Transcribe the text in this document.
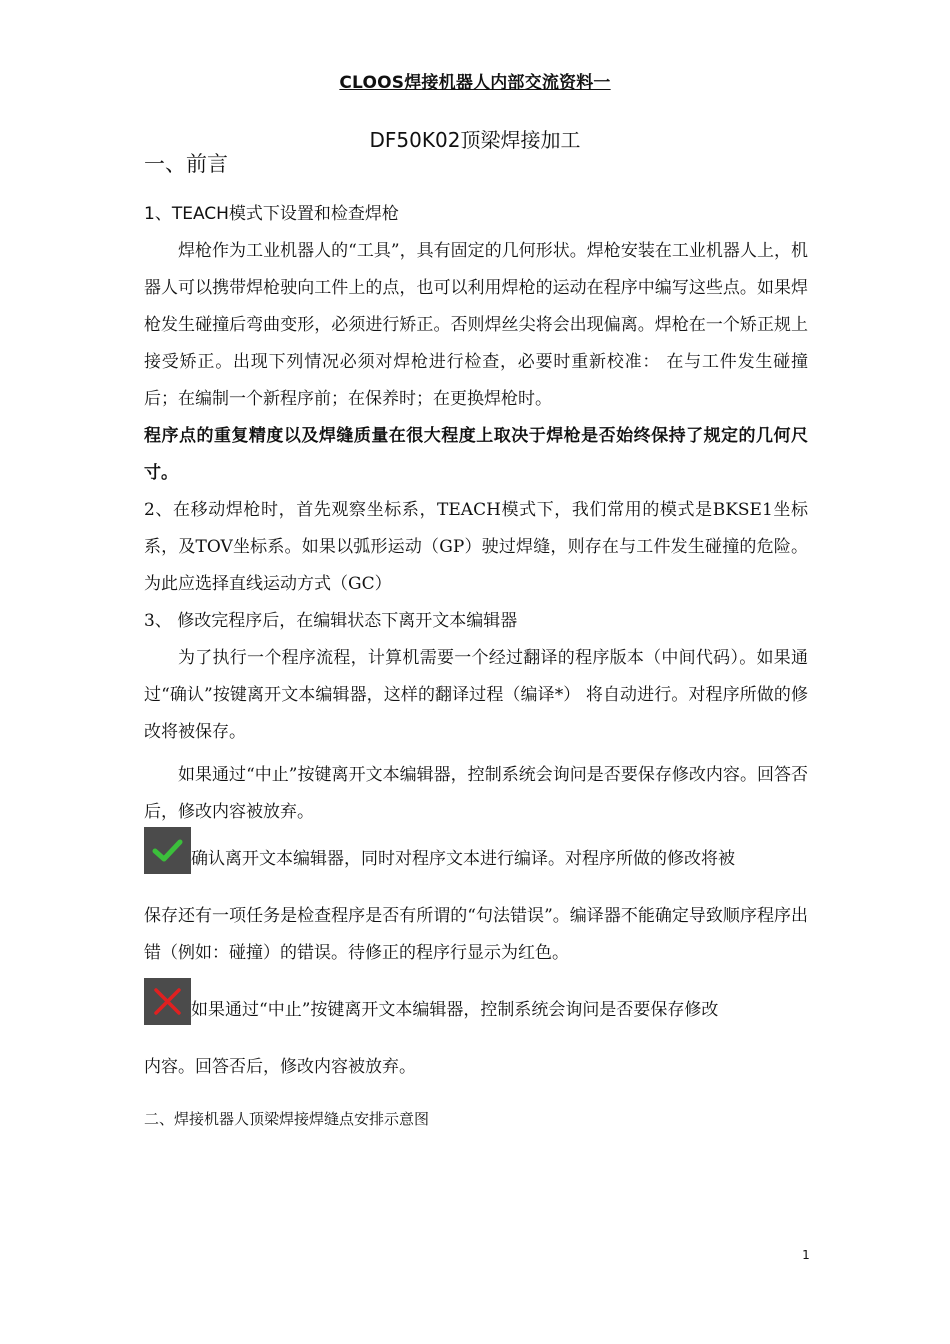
CLOOS焊接机器人内部交流资料一
DF50K02顶梁焊接加工
一、前言

1、TEACH模式下设置和检查焊枪

焊枪作为工业机器人的“工具”，具有固定的几何形状。焊枪安装在工业机器人上，机器人可以携带焊枪驶向工件上的点，也可以利用焊枪的运动在程序中编写这些点。如果焊枪发生碰撞后弯曲变形，必须进行矫正。否则焊丝尖将会出现偏离。焊枪在一个矫正规上接受矫正。出现下列情况必须对焊枪进行检查，必要时重新校准： 在与工件发生碰撞后；在编制一个新程序前；在保养时；在更换焊枪时。

程序点的重复精度以及焊缝质量在很大程度上取决于焊枪是否始终保持了规定的几何尺寸。

2、在移动焊枪时，首先观察坐标系，TEACH模式下，我们常用的模式是BKSE1坐标系，及TOV坐标系。如果以弧形运动（GP）驶过焊缝，则存在与工件发生碰撞的危险。为此应选择直线运动方式（GC）

3、 修改完程序后，在编辑状态下离开文本编辑器

为了执行一个程序流程，计算机需要一个经过翻译的程序版本（中间代码）。如果通过“确认”按键离开文本编辑器，这样的翻译过程（编译*） 将自动进行。对程序所做的修改将被保存。

如果通过“中止”按键离开文本编辑器，控制系统会询问是否要保存修改内容。回答否后，修改内容被放弃。

确认离开文本编辑器，同时对程序文本进行编译。对程序所做的修改将被

保存还有一项任务是检查程序是否有所谓的“句法错误”。编译器不能确定导致顺序程序出错（例如：碰撞）的错误。待修正的程序行显示为红色。

如果通过“中止”按键离开文本编辑器，控制系统会询问是否要保存修改

内容。回答否后，修改内容被放弃。

二、焊接机器人顶梁焊接焊缝点安排示意图

1
